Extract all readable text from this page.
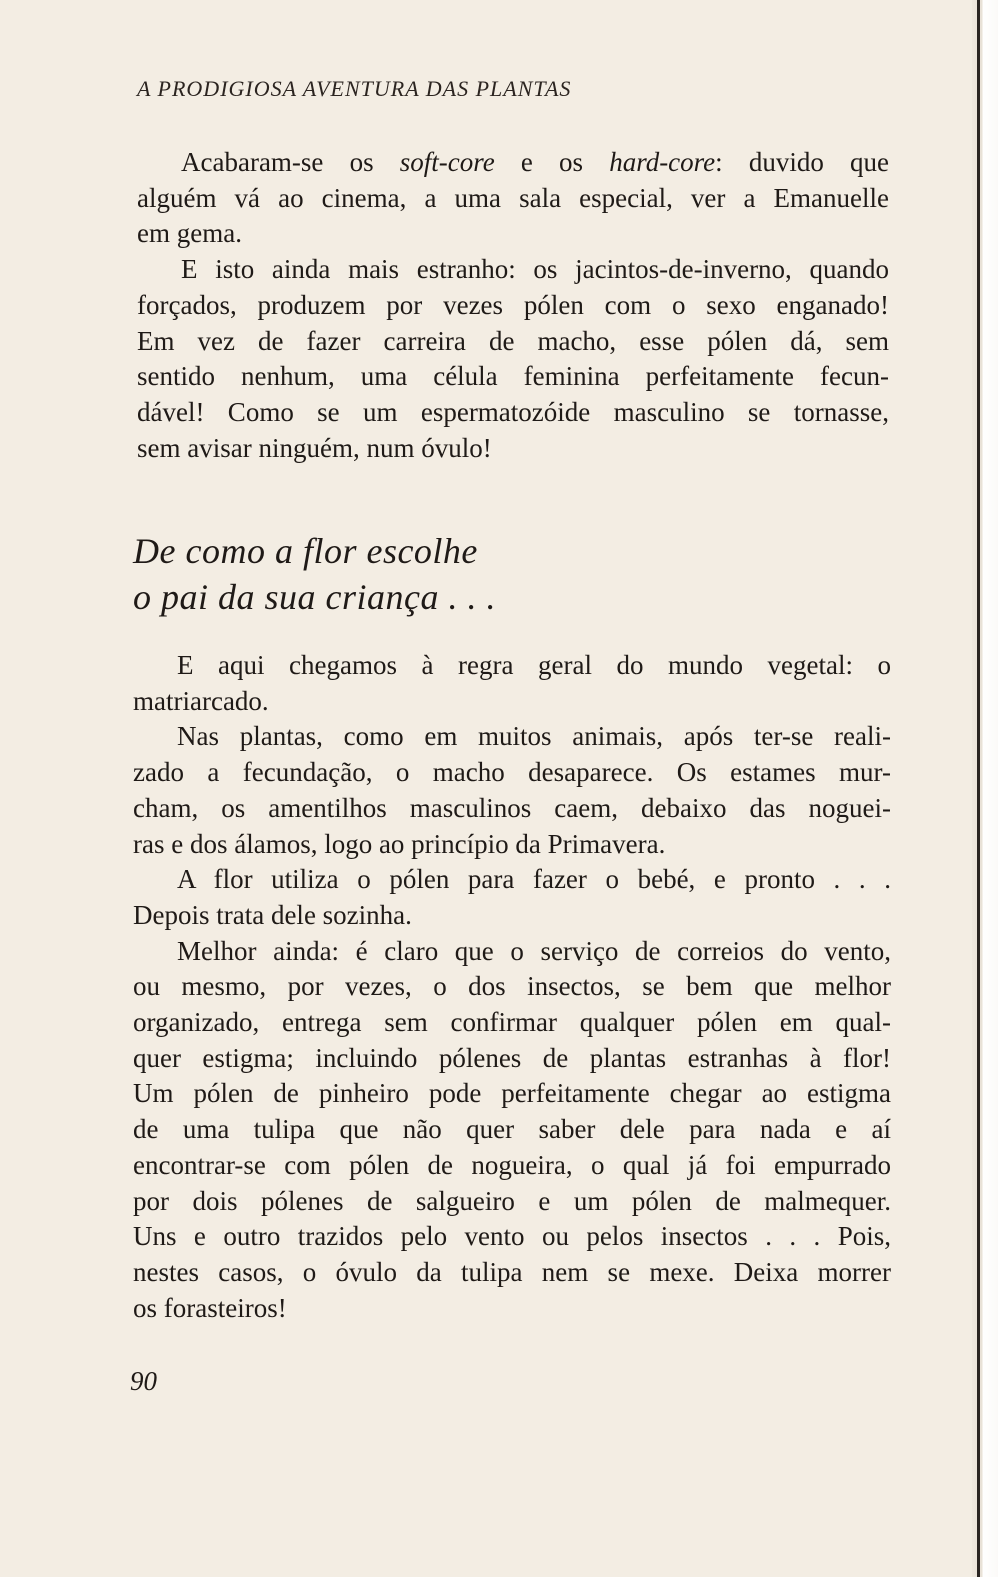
A PRODIGIOSA AVENTURA DAS PLANTAS
Acabaram-se os soft-core e os hard-core: duvido que
alguém vá ao cinema, a uma sala especial, ver a Emanuelle
em gema.
E isto ainda mais estranho: os jacintos-de-inverno, quando
forçados, produzem por vezes pólen com o sexo enganado!
Em vez de fazer carreira de macho, esse pólen dá, sem
sentido nenhum, uma célula feminina perfeitamente fecun-
dável! Como se um espermatozóide masculino se tornasse,
sem avisar ninguém, num óvulo!
De como a flor escolhe
o pai da sua criança . . .
E aqui chegamos à regra geral do mundo vegetal: o
matriarcado.
Nas plantas, como em muitos animais, após ter-se reali-
zado a fecundação, o macho desaparece. Os estames mur-
cham, os amentilhos masculinos caem, debaixo das noguei-
ras e dos álamos, logo ao princípio da Primavera.
A flor utiliza o pólen para fazer o bebé, e pronto . . .
Depois trata dele sozinha.
Melhor ainda: é claro que o serviço de correios do vento,
ou mesmo, por vezes, o dos insectos, se bem que melhor
organizado, entrega sem confirmar qualquer pólen em qual-
quer estigma; incluindo pólenes de plantas estranhas à flor!
Um pólen de pinheiro pode perfeitamente chegar ao estigma
de uma tulipa que não quer saber dele para nada e aí
encontrar-se com pólen de nogueira, o qual já foi empurrado
por dois pólenes de salgueiro e um pólen de malmequer.
Uns e outro trazidos pelo vento ou pelos insectos . . . Pois,
nestes casos, o óvulo da tulipa nem se mexe. Deixa morrer
os forasteiros!
90
